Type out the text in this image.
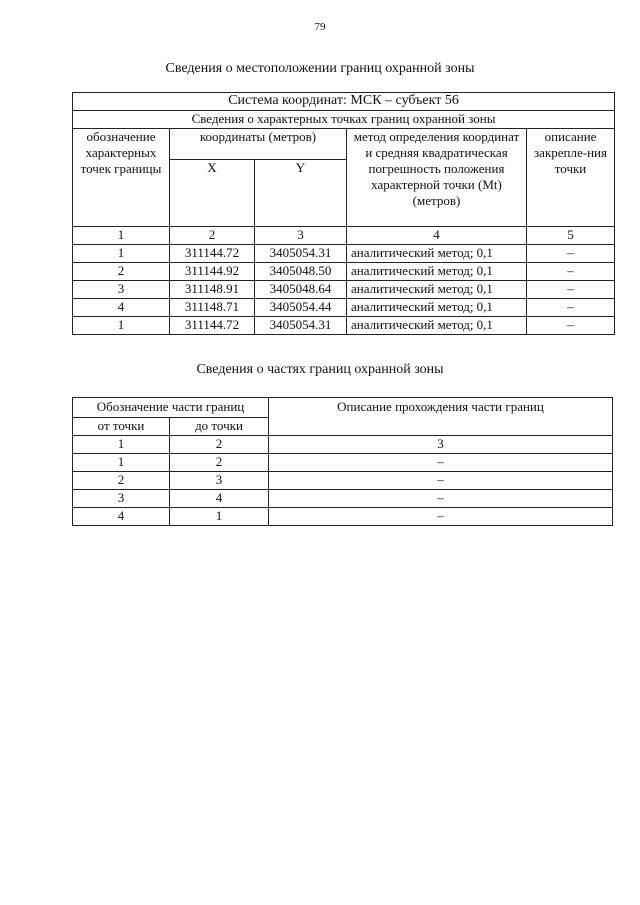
79
Сведения о местоположении границ охранной зоны
Система координат: МСК – субъект 56				
Сведения о характерных точках границ охранной зоны				
обозначение характерных точек границы	координаты (метров)		метод определения координат и средняя квадратическая погрешность положения характерной точки (Mt) (метров)	описание закрепле-ния точки
	X	Y		
1	2	3	4	5
1	311144.72	3405054.31	аналитический метод; 0,1	–
2	311144.92	3405048.50	аналитический метод; 0,1	–
3	311148.91	3405048.64	аналитический метод; 0,1	–
4	311148.71	3405054.44	аналитический метод; 0,1	–
1	311144.72	3405054.31	аналитический метод; 0,1	–
Сведения о частях границ охранной зоны
Обозначение части границ		Описание прохождения части границ
от точки	до точки	
1	2	3
1	2	–
2	3	–
3	4	–
4	1	–
